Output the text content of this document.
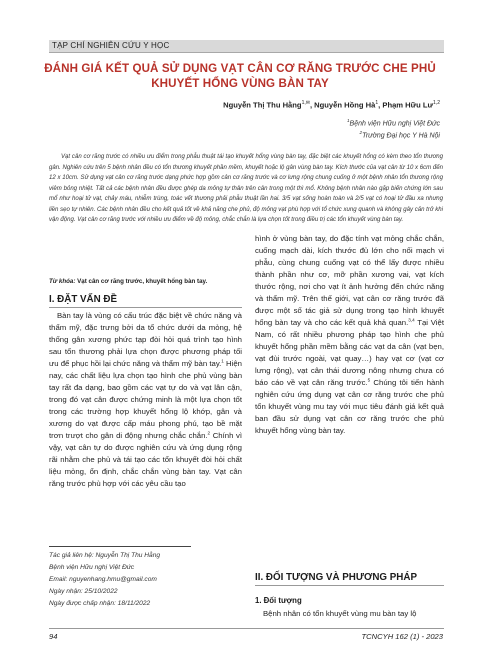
TẠP CHÍ NGHIÊN CỨU Y HỌC
ĐÁNH GIÁ KẾT QUẢ SỬ DỤNG VẠT CÂN CƠ RĂNG TRƯỚC CHE PHỦ KHUYẾT HỔNG VÙNG BÀN TAY
Nguyễn Thị Thu Hằng$^{1,✉}$, Nguyễn Hồng $Hà^1$, Phạm Hữu Lư$^{1,2}$
$^1$Bệnh viện Hữu nghị Việt Đức
$^2$Trường Đại học Y Hà Nội
Vạt cân cơ răng trước có nhiều ưu điểm trong phẫu thuật tái tạo khuyết hổng vùng bàn tay, đặc biệt các khuyết hổng có kèm theo tổn thương gân. Nghiên cứu trên 5 bệnh nhân đều có tổn thương khuyết phần mềm, khuyết hoặc lộ gân vùng bàn tay. Kích thước của vạt cân từ 10 x 6cm đến 12 x 10cm. Sử dụng vạt cân cơ răng trước dạng phức hợp gồm cân cơ răng trước và cơ lưng rộng chung cuống ở một bệnh nhân tổn thương rộng viêm bỏng nhiệt. Tất cả các bệnh nhân đều được ghép da mỏng tự thân trên cân trong một thì mổ. Không bệnh nhân nào gặp biến chứng lớn sau mổ như hoại tử vạt, chảy máu, nhiễm trùng, toác vết thương phải phẫu thuật lần hai. 3/5 vạt sống hoàn toàn và 2/5 vạt có hoại tử đầu xa nhưng liền sẹo tự nhiên. Các bệnh nhân đều cho kết quả tốt về khả năng che phủ, độ mỏng vạt phù hợp với tổ chức xung quanh và không gây cản trở khi vận động. Vạt cân cơ răng trước với nhiều ưu điểm về độ mỏng, chắc chắn là lựa chọn tốt trong điều trị các tổn khuyết vùng bàn tay.
Từ khóa: Vạt cân cơ răng trước, khuyết hổng bàn tay.
I. ĐẶT VẤN ĐỀ
Bàn tay là vùng có cấu trúc đặc biệt về chức năng và thẩm mỹ, đặc trưng bởi da tổ chức dưới da mỏng, hệ thống gân xương phức tạp đòi hỏi quá trình tạo hình sau tổn thương phải lựa chọn được phương pháp tối ưu để phục hồi lại chức năng và thẩm mỹ bàn tay.$^1$ Hiện nay, các chất liệu lựa chọn tạo hình che phủ vùng bàn tay rất đa dạng, bao gồm các vạt tự do và vạt lân cận, trong đó vạt cân được chứng minh là một lựa chọn tốt trong các trường hợp khuyết hổng lộ khớp, gân và xương do vạt được cấp máu phong phú, tạo bề mặt trơn trượt cho gân di động nhưng chắc chắn.$^2$ Chính vì vậy, vạt cân tự do được nghiên cứu và ứng dụng rộng rãi nhằm che phủ và tái tạo các tổn khuyết đòi hỏi chất liệu mỏng, ổn định, chắc chắn vùng bàn tay. Vạt cân răng trước phù hợp với các yêu cầu tạo
hình ở vùng bàn tay, do đặc tính vạt mỏng chắc chắn, cuống mạch dài, kích thước đủ lớn cho nối mạch vi phẫu, cùng chung cuống vạt có thể lấy được nhiều thành phần như cơ, mỡ phần xương vai, vạt kích thước rộng, nơi cho vạt ít ảnh hưởng đến chức năng và thẩm mỹ. Trên thế giới, vạt cân cơ răng trước đã được một số tác giả sử dụng trong tạo hình khuyết hổng bàn tay và cho các kết quả khả quan.$^{3,4}$ Tại Việt Nam, có rất nhiều phương pháp tạo hình che phủ khuyết hổng phần mềm bằng các vạt da cân (vạt bẹn, vạt đùi trước ngoài, vạt quay…) hay vạt cơ (vạt cơ lưng rộng), vạt cân thái dương nông nhưng chưa có báo cáo về vạt cân răng trước.$^5$ Chúng tôi tiến hành nghiên cứu ứng dụng vạt cân cơ răng trước che phủ tổn khuyết vùng mu tay với mục tiêu đánh giá kết quả ban đầu sử dụng vạt cân cơ răng trước che phủ khuyết hổng vùng bàn tay.
II. ĐỐI TƯỢNG VÀ PHƯƠNG PHÁP
1. Đối tượng
Bệnh nhân có tổn khuyết vùng mu bàn tay lộ
Tác giả liên hệ: Nguyễn Thị Thu Hằng
Bệnh viện Hữu nghị Việt Đức
Email: nguyenhang.hmu@gmail.com
Ngày nhận: 25/10/2022
Ngày được chấp nhận: 18/11/2022
94	TCNCYH 162 (1) - 2023
